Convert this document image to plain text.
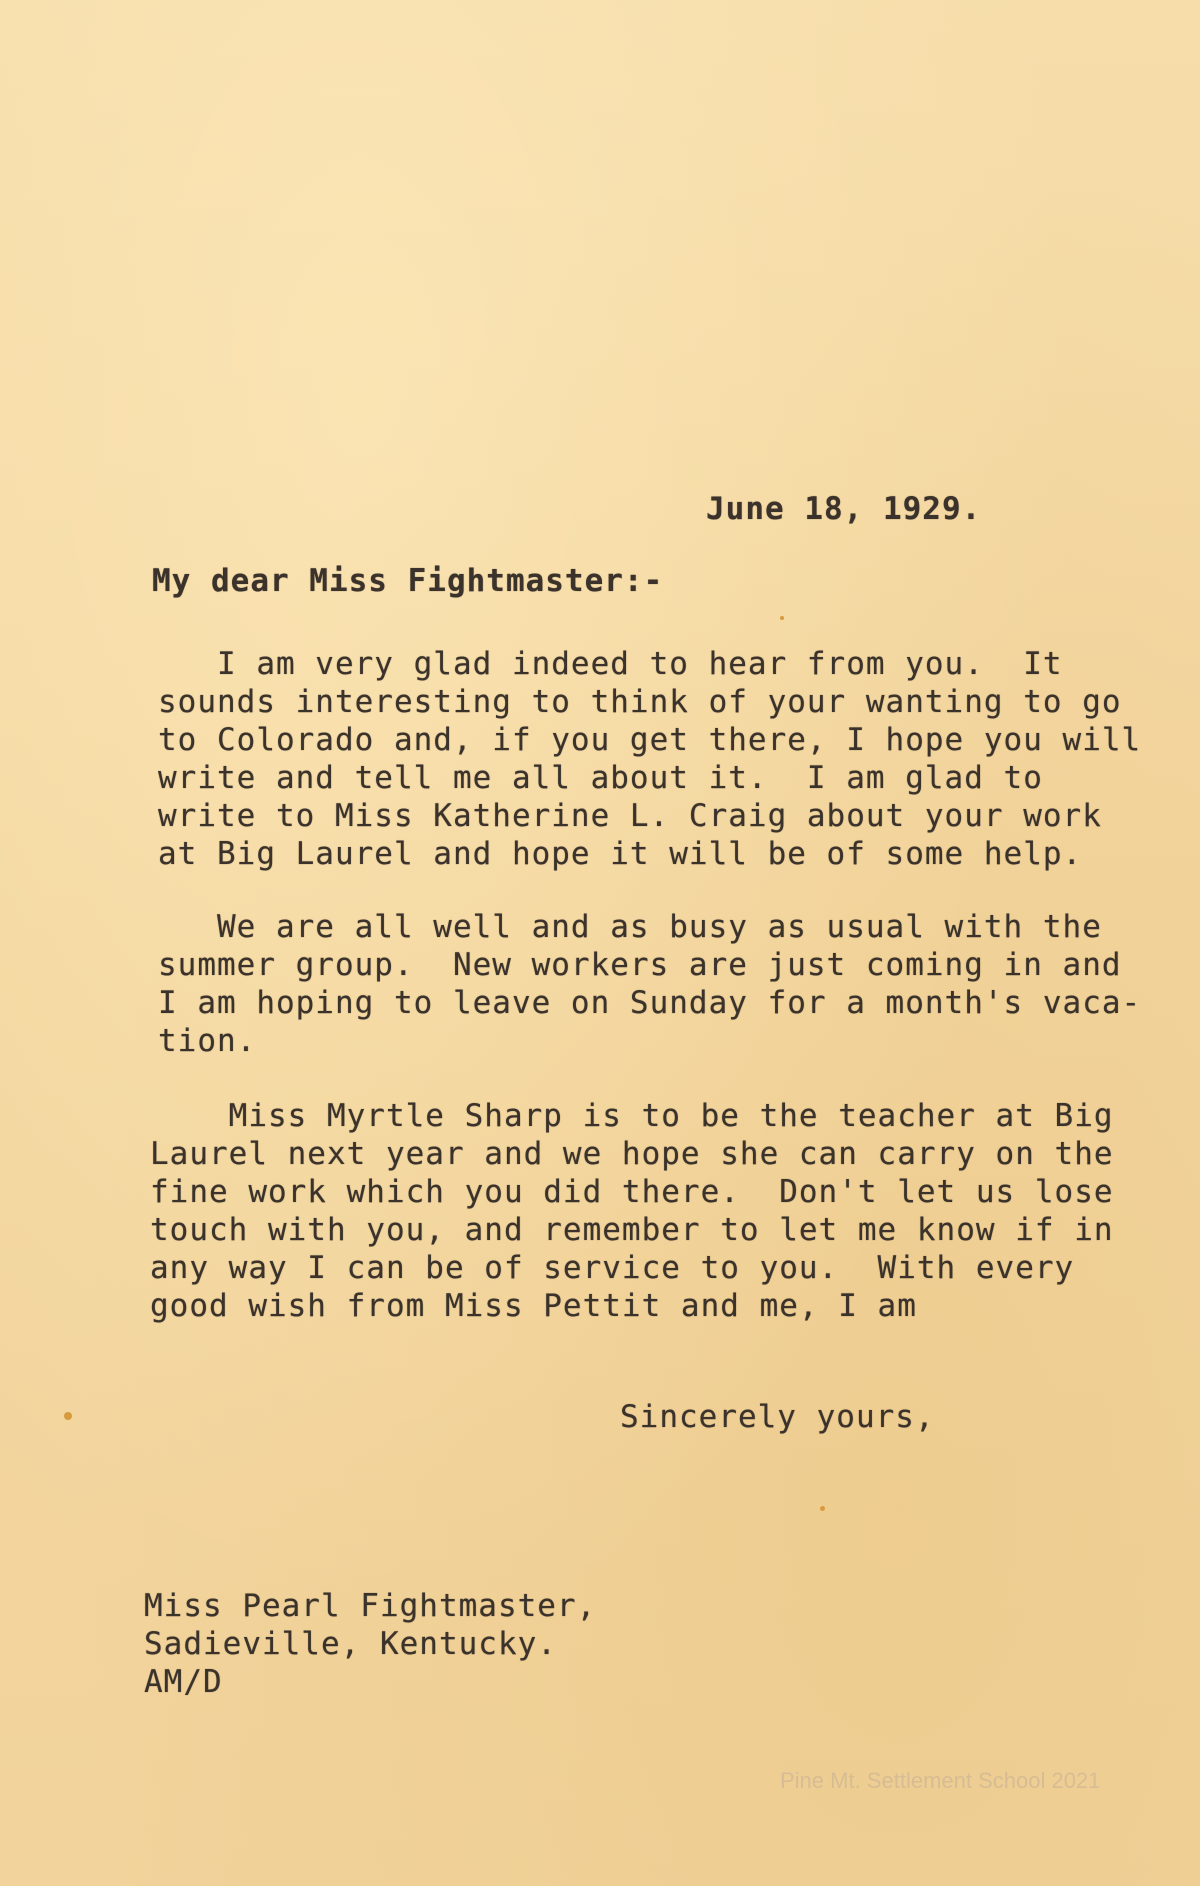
June 18, 1929.

My dear Miss Fightmaster:-

I am very glad indeed to hear from you.  It

sounds interesting to think of your wanting to go

to Colorado and, if you get there, I hope you will

write and tell me all about it.  I am glad to

write to Miss Katherine L. Craig about your work

at Big Laurel and hope it will be of some help.

We are all well and as busy as usual with the

summer group.  New workers are just coming in and

I am hoping to leave on Sunday for a month's vaca-

tion.

Miss Myrtle Sharp is to be the teacher at Big

Laurel next year and we hope she can carry on the

fine work which you did there.  Don't let us lose

touch with you, and remember to let me know if in

any way I can be of service to you.  With every

good wish from Miss Pettit and me, I am

Sincerely yours,

Miss Pearl Fightmaster,

Sadieville, Kentucky.

AM/D

Pine Mt. Settlement School 2021
